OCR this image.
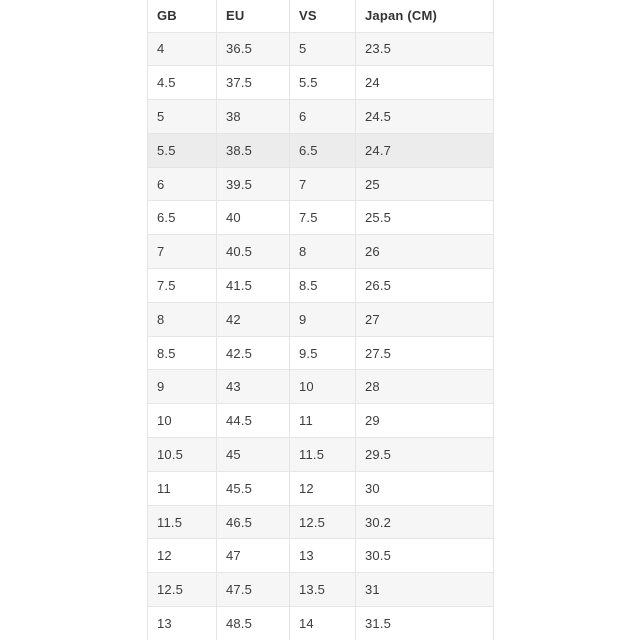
GB	EU	VS	Japan (CM)
4	36.5	5	23.5
4.5	37.5	5.5	24
5	38	6	24.5
5.5	38.5	6.5	24.7
6	39.5	7	25
6.5	40	7.5	25.5
7	40.5	8	26
7.5	41.5	8.5	26.5
8	42	9	27
8.5	42.5	9.5	27.5
9	43	10	28
10	44.5	11	29
10.5	45	11.5	29.5
11	45.5	12	30
11.5	46.5	12.5	30.2
12	47	13	30.5
12.5	47.5	13.5	31
13	48.5	14	31.5
